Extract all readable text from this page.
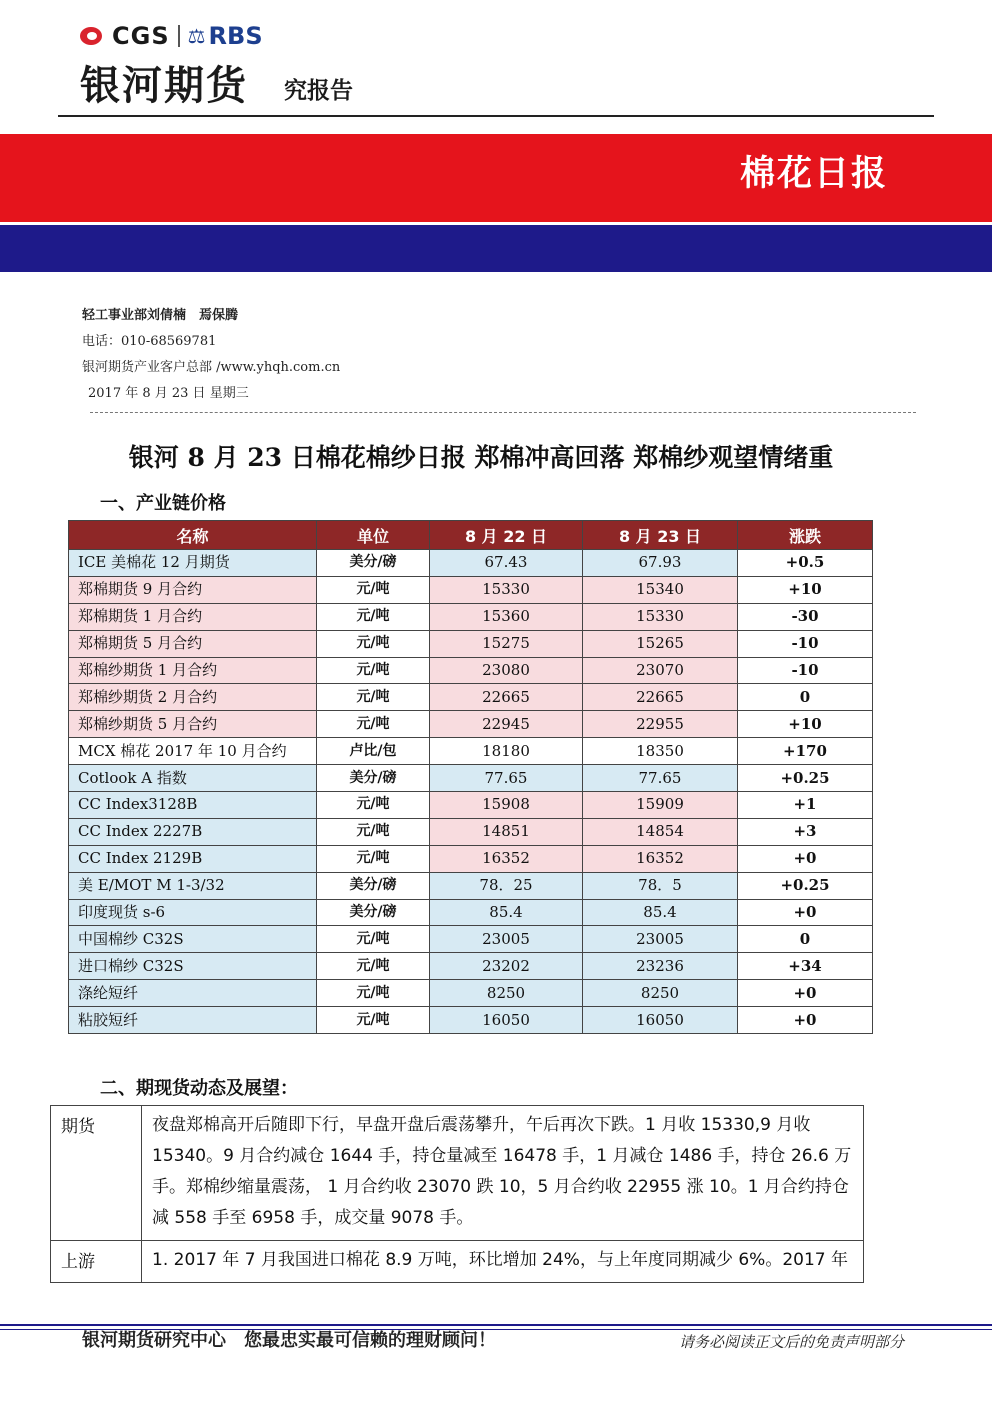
CGS ⚖ RBS
银河期货 究报告
棉花日报
轻工事业部刘倩楠　焉保腾
电话：010-68569781
银河期货产业客户总部 /www.yhqh.com.cn
2017 年 8 月 23 日 星期三
银河 8 月 23 日棉花棉纱日报 郑棉冲高回落 郑棉纱观望情绪重
一、产业链价格
名称	单位	8 月 22 日	8 月 23 日	涨跌
ICE 美棉花 12 月期货	美分/磅	67.43	67.93	+0.5
郑棉期货 9 月合约	元/吨	15330	15340	+10
郑棉期货 1 月合约	元/吨	15360	15330	-30
郑棉期货 5 月合约	元/吨	15275	15265	-10
郑棉纱期货 1 月合约	元/吨	23080	23070	-10
郑棉纱期货 2 月合约	元/吨	22665	22665	0
郑棉纱期货 5 月合约	元/吨	22945	22955	+10
MCX 棉花 2017 年 10 月合约	卢比/包	18180	18350	+170
Cotlook A 指数	美分/磅	77.65	77.65	+0.25
CC Index3128B	元/吨	15908	15909	+1
CC Index 2227B	元/吨	14851	14854	+3
CC Index 2129B	元/吨	16352	16352	+0
美 E/MOT M 1-3/32	美分/磅	78．25	78．5	+0.25
印度现货 s-6	美分/磅	85.4	85.4	+0
中国棉纱 C32S	元/吨	23005	23005	0
进口棉纱 C32S	元/吨	23202	23236	+34
涤纶短纤	元/吨	8250	8250	+0
粘胶短纤	元/吨	16050	16050	+0
二、期现货动态及展望：
期货	夜盘郑棉高开后随即下行，早盘开盘后震荡攀升，午后再次下跌。1 月收 15330,9 月收 15340。9 月合约减仓 1644 手，持仓量减至 16478 手，1 月减仓 1486 手，持仓 26.6 万手。郑棉纱缩量震荡， 1 月合约收 23070 跌 10，5 月合约收 22955 涨 10。1 月合约持仓减 558 手至 6958 手，成交量 9078 手。
上游	1. 2017 年 7 月我国进口棉花 8.9 万吨，环比增加 24%，与上年度同期减少 6%。2017 年
银河期货研究中心　您最忠实最可信赖的理财顾问！	请务必阅读正文后的免责声明部分
